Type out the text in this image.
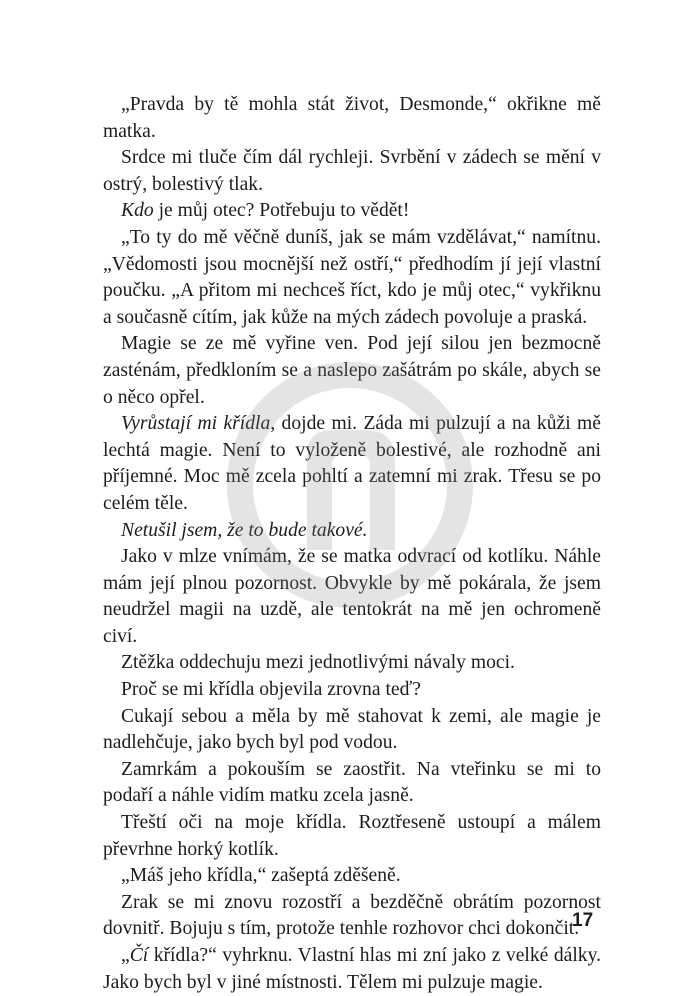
„Pravda by tě mohla stát život, Desmonde,“ okřikne mě matka.

Srdce mi tluče čím dál rychleji. Svrbění v zádech se mění v ostrý, bolestivý tlak.

Kdo je můj otec? Potřebuju to vědět!

„To ty do mě věčně duníš, jak se mám vzdělávat,“ namítnu. „Vědomosti jsou mocnější než ostří,“ předhodím jí její vlastní poučku. „A přitom mi nechceš říct, kdo je můj otec,“ vykřiknu a současně cítím, jak kůže na mých zádech povoluje a praská.

Magie se ze mě vyřine ven. Pod její silou jen bezmocně zasténám, předkloním se a naslepo zašátrám po skále, abych se o něco opřel.

Vyrůstají mi křídla, dojde mi. Záda mi pulzují a na kůži mě lechtá magie. Není to vyloženě bolestivé, ale rozhodně ani příjemné. Moc mě zcela pohltí a zatemní mi zrak. Třesu se po celém těle.

Netušil jsem, že to bude takové.

Jako v mlze vnímám, že se matka odvrací od kotlíku. Náhle mám její plnou pozornost. Obvykle by mě pokárala, že jsem neudržel magii na uzdě, ale tentokrát na mě jen ochromeně civí.

Ztěžka oddechuju mezi jednotlivými návaly moci.

Proč se mi křídla objevila zrovna teď?

Cukají sebou a měla by mě stahovat k zemi, ale magie je nadlehčuje, jako bych byl pod vodou.

Zamrkám a pokouším se zaostřit. Na vteřinku se mi to podaří a náhle vidím matku zcela jasně.

Třeští oči na moje křídla. Roztřeseně ustoupí a málem převrhne horký kotlík.

„Máš jeho křídla,“ zašeptá zděšeně.

Zrak se mi znovu rozostří a bezděčně obrátím pozornost dovnitř. Bojuju s tím, protože tenhle rozhovor chci dokončit.

„Čí křídla?“ vyhrknu. Vlastní hlas mi zní jako z velké dálky. Jako bych byl v jiné místnosti. Tělem mi pulzuje magie.

17
